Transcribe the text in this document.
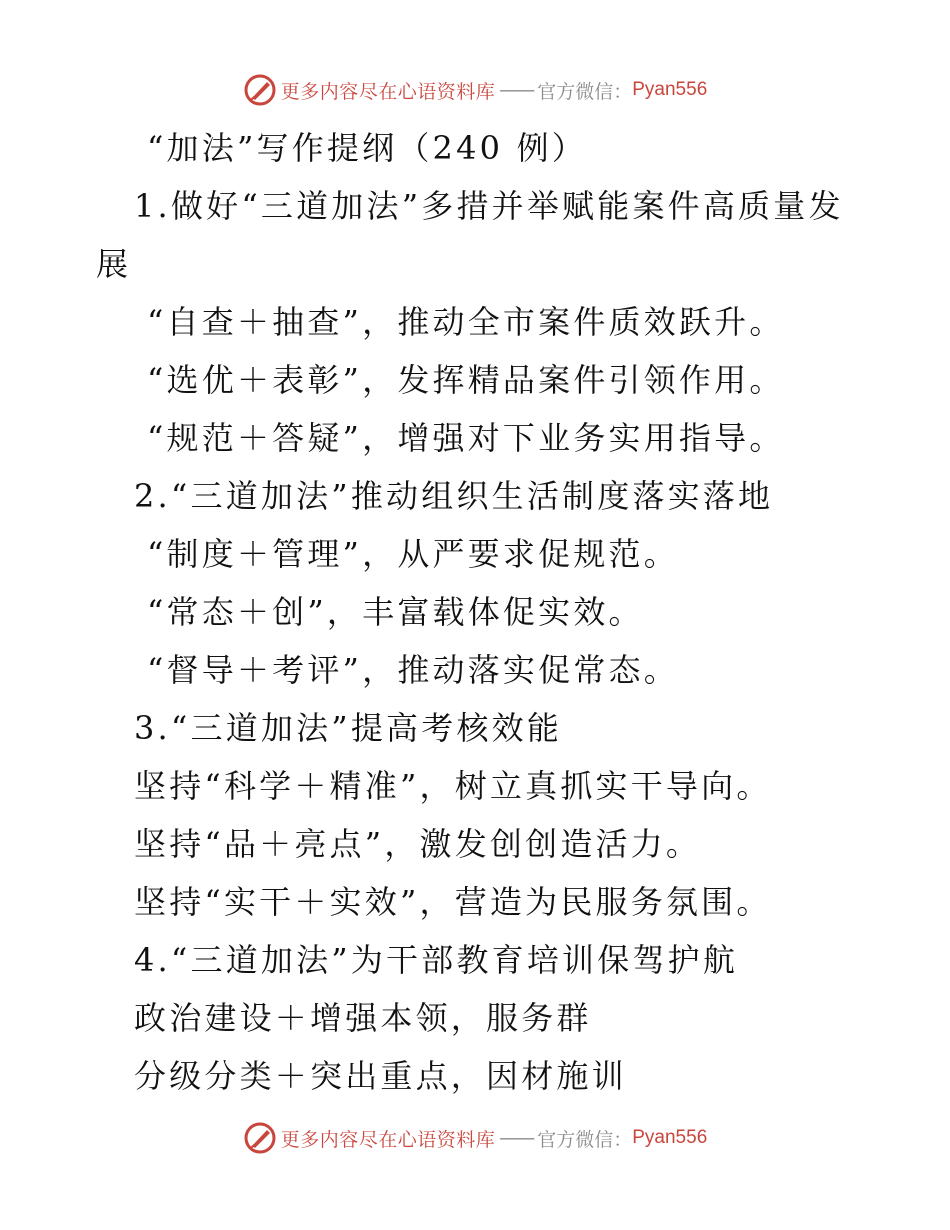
更多内容尽在心语资料库 —— 官方微信： Pyan556
“加法”写作提纲（240 例）
1.做好“三道加法”多措并举赋能案件高质量发
展
“自查＋抽查”，推动全市案件质效跃升。
“选优＋表彰”，发挥精品案件引领作用。
“规范＋答疑”，增强对下业务实用指导。
2.“三道加法”推动组织生活制度落实落地
“制度＋管理”，从严要求促规范。
“常态＋创”，丰富载体促实效。
“督导＋考评”，推动落实促常态。
3.“三道加法”提高考核效能
坚持“科学＋精准”，树立真抓实干导向。
坚持“品＋亮点”，激发创创造活力。
坚持“实干＋实效”，营造为民服务氛围。
4.“三道加法”为干部教育培训保驾护航
政治建设＋增强本领，服务群
分级分类＋突出重点，因材施训
更多内容尽在心语资料库 —— 官方微信： Pyan556
